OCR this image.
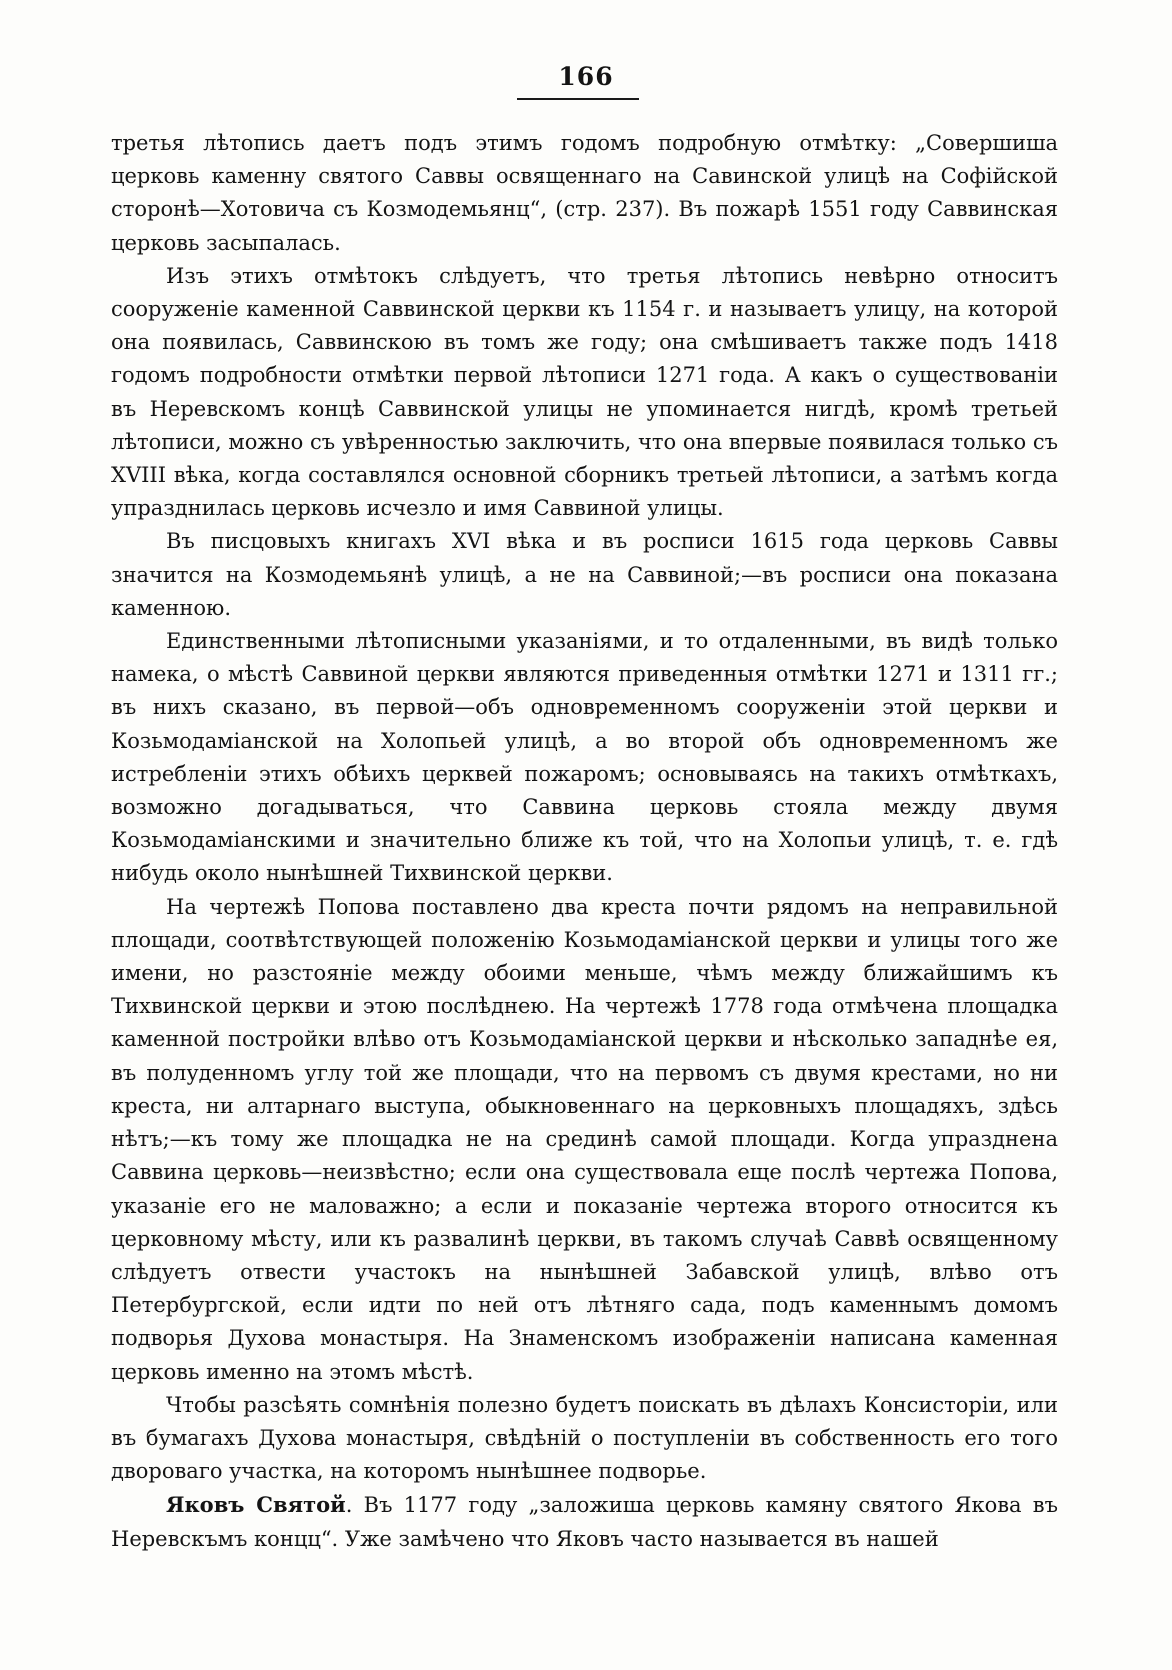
166

третья лѣтопись даетъ подъ этимъ годомъ подробную отмѣтку: „Совершиша церковь каменну святого Саввы освященнаго на Савинской улицѣ на Софійской сторонѣ—Хотовича съ Козмодемьянц“, (стр. 237). Въ пожарѣ 1551 году Саввинская церковь засыпалась.

Изъ этихъ отмѣтокъ слѣдуетъ, что третья лѣтопись невѣрно относитъ сооруженіе каменной Саввинской церкви къ 1154 г. и называетъ улицу, на которой она появилась, Саввинскою въ томъ же году; она смѣшиваетъ также подъ 1418 годомъ подробности отмѣтки первой лѣтописи 1271 года. А какъ о существованіи въ Неревскомъ концѣ Саввинской улицы не упоминается нигдѣ, кромѣ третьей лѣтописи, можно съ увѣренностью заключить, что она впервые появилася только съ XVIII вѣка, когда составлялся основной сборникъ третьей лѣтописи, а затѣмъ когда упразднилась церковь исчезло и имя Саввиной улицы.

Въ писцовыхъ книгахъ XVI вѣка и въ росписи 1615 года церковь Саввы значится на Козмодемьянѣ улицѣ, а не на Саввиной;—въ росписи она показана каменною.

Единственными лѣтописными указаніями, и то отдаленными, въ видѣ только намека, о мѣстѣ Саввиной церкви являются приведенныя отмѣтки 1271 и 1311 гг.; въ нихъ сказано, въ первой—объ одновременномъ сооруженіи этой церкви и Козьмодаміанской на Холопьей улицѣ, а во второй объ одновременномъ же истребленіи этихъ обѣихъ церквей пожаромъ; основываясь на такихъ отмѣткахъ, возможно догадываться, что Саввина церковь стояла между двумя Козьмодаміанскими и значительно ближе къ той, что на Холопьи улицѣ, т. е. гдѣ нибудь около нынѣшней Тихвинской церкви.

На чертежѣ Попова поставлено два креста почти рядомъ на неправильной площади, соотвѣтствующей положенію Козьмодаміанской церкви и улицы того же имени, но разстояніе между обоими меньше, чѣмъ между ближайшимъ къ Тихвинской церкви и этою послѣднею. На чертежѣ 1778 года отмѣчена площадка каменной постройки влѣво отъ Козьмодаміанской церкви и нѣсколько западнѣе ея, въ полуденномъ углу той же площади, что на первомъ съ двумя крестами, но ни креста, ни алтарнаго выступа, обыкновеннаго на церковныхъ площадяхъ, здѣсь нѣтъ;—къ тому же площадка не на срединѣ самой площади. Когда упразднена Саввина церковь—неизвѣстно; если она существовала еще послѣ чертежа Попова, указаніе его не маловажно; а если и показаніе чертежа второго относится къ церковному мѣсту, или къ развалинѣ церкви, въ такомъ случаѣ Саввѣ освященному слѣдуетъ отвести участокъ на нынѣшней Забавской улицѣ, влѣво отъ Петербургской, если идти по ней отъ лѣтняго сада, подъ каменнымъ домомъ подворья Духова монастыря. На Знаменскомъ изображеніи написана каменная церковь именно на этомъ мѣстѣ.

Чтобы разсѣять сомнѣнія полезно будетъ поискать въ дѣлахъ Консисторіи, или въ бумагахъ Духова монастыря, свѣдѣній о поступленіи въ собственность его того двороваго участка, на которомъ нынѣшнее подворье.

Яковъ Святой. Въ 1177 году „заложиша церковь камяну святого Якова въ Неревскъмъ концц“. Уже замѣчено что Яковъ часто называется въ нашей
